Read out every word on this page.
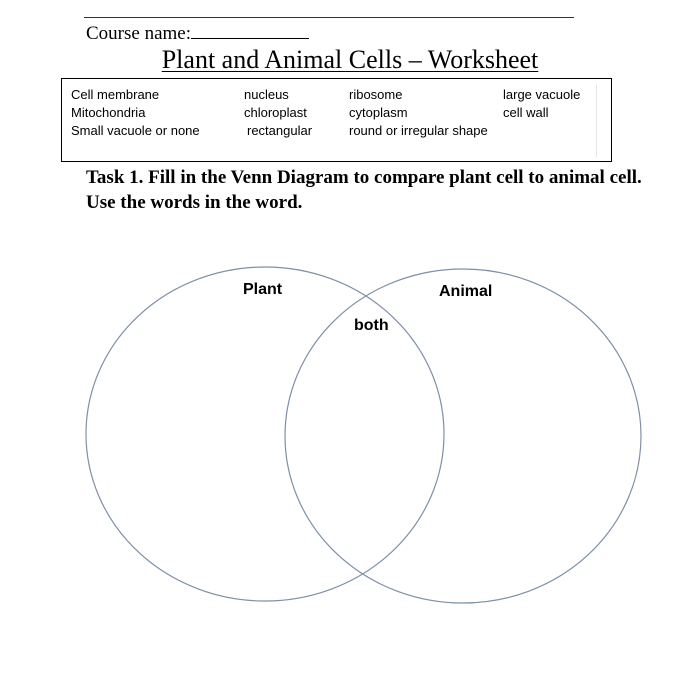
Course name:
Plant and Animal Cells – Worksheet
Cell membrane
Mitochondria
Small vacuole or none
nucleus
chloroplast
rectangular
ribosome
cytoplasm
round or irregular shape
large vacuole
cell wall
Task 1. Fill in the Venn Diagram to compare plant cell to animal cell. Use the words in the word.
Plant	Animal
both
